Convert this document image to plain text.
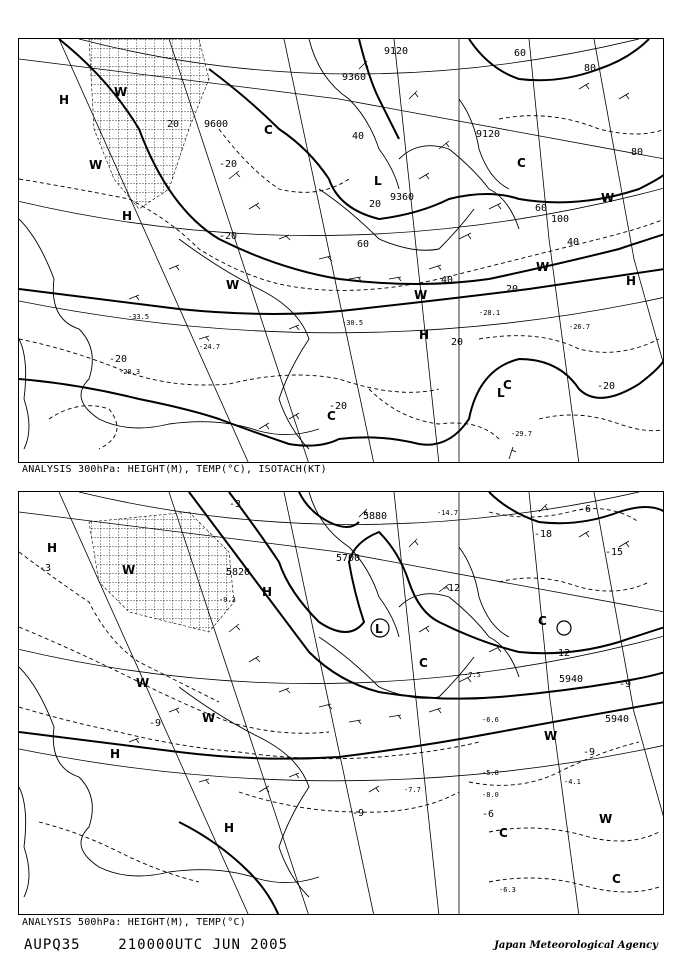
9120
9360
9600
9120
9360
40
60
80
100
40
60
20
20
40
20
20
60
80
-20
-20
-20
-20
-20
H
H
H
H
L
L
C
C
C
C
W
W
W
W
W
W
-28.1
-30.5
-29.7
-33.5
-26.7
-24.7
-28.3
ANALYSIS 300hPa: HEIGHT(M), TEMP(°C), ISOTACH(KT)
5820
5700
5940
5880
5940
-12
-12
-15
-9
-9	-6
-9
-3
-3
-18
-9
-6
H
H
H
H
L
C
C
C
C
W
W
W
W
W
-5.8
-4.1
-7.5
-6.6
-14.7
-8.0
-6.3
-7.7
-9.3
ANALYSIS 500hPa: HEIGHT(M), TEMP(°C)
AUPQ35	210000UTC JUN 2005	Japan Meteorological Agency
